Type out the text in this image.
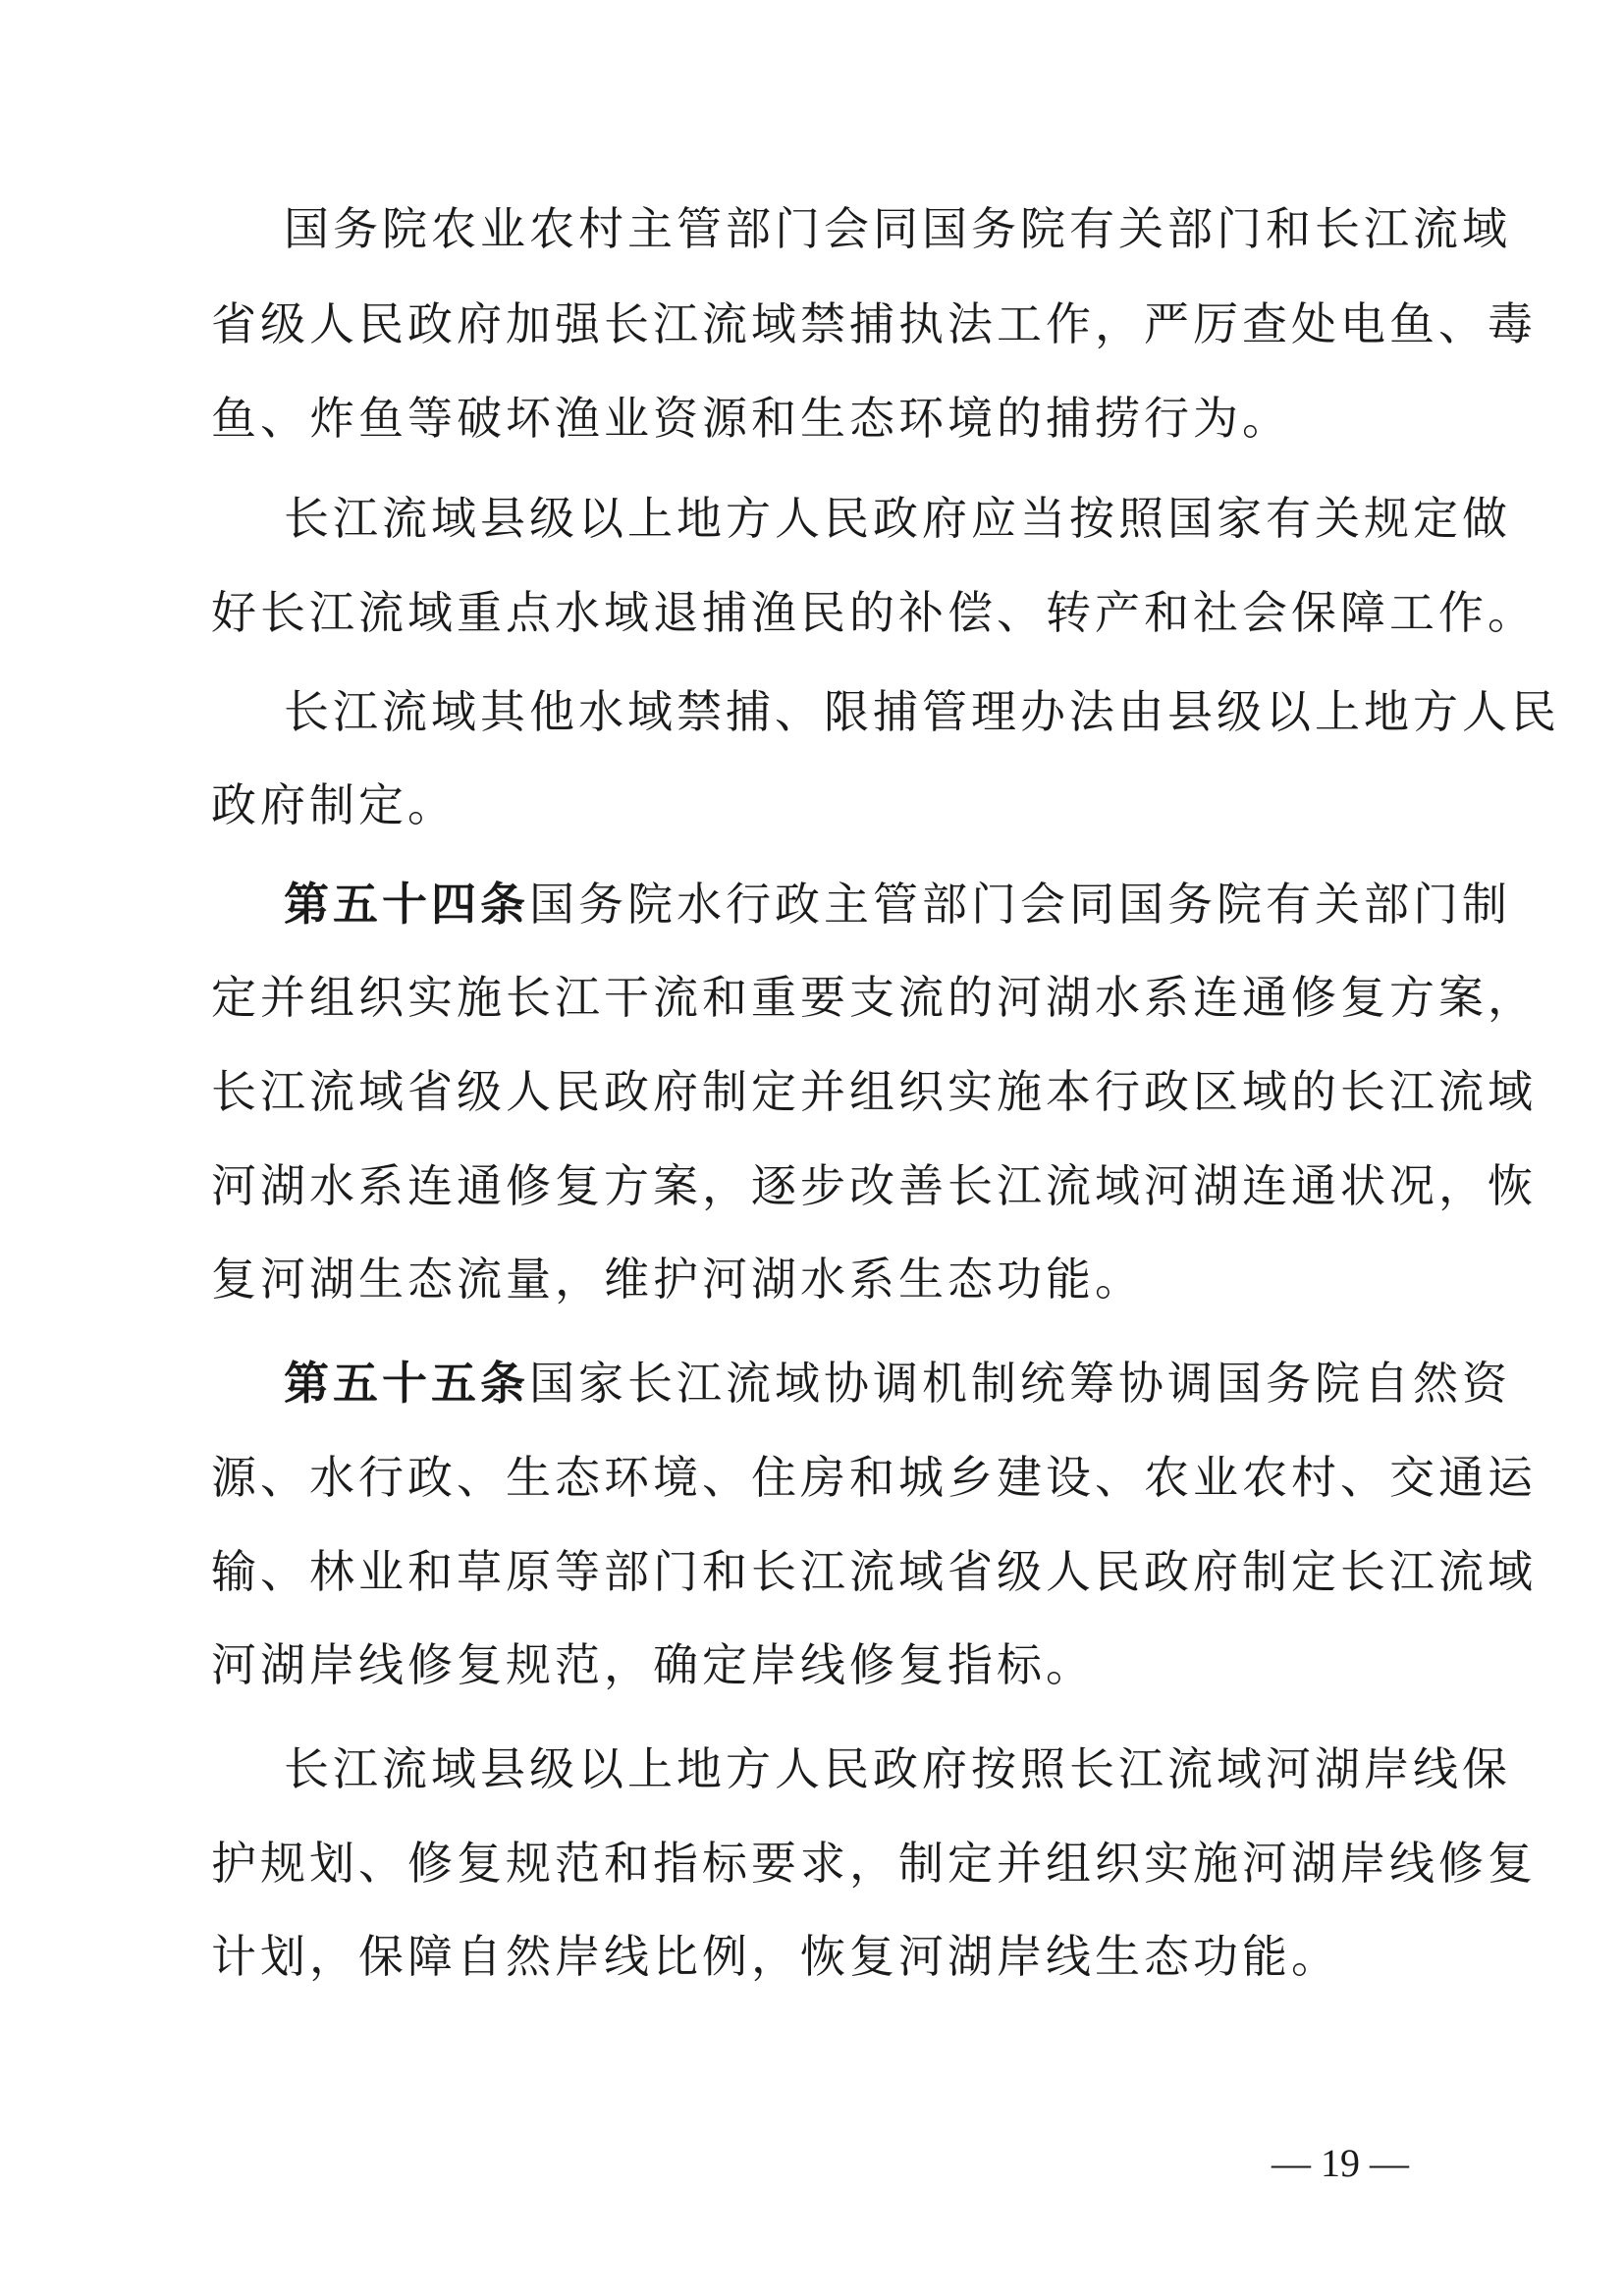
国务院农业农村主管部门会同国务院有关部门和长江流域
省级人民政府加强长江流域禁捕执法工作，严厉查处电鱼、毒
鱼、炸鱼等破坏渔业资源和生态环境的捕捞行为。
长江流域县级以上地方人民政府应当按照国家有关规定做
好长江流域重点水域退捕渔民的补偿、转产和社会保障工作。
长江流域其他水域禁捕、限捕管理办法由县级以上地方人民
政府制定。
第五十四条国务院水行政主管部门会同国务院有关部门制
定并组织实施长江干流和重要支流的河湖水系连通修复方案，
长江流域省级人民政府制定并组织实施本行政区域的长江流域
河湖水系连通修复方案，逐步改善长江流域河湖连通状况，恢
复河湖生态流量，维护河湖水系生态功能。
第五十五条国家长江流域协调机制统筹协调国务院自然资
源、水行政、生态环境、住房和城乡建设、农业农村、交通运
输、林业和草原等部门和长江流域省级人民政府制定长江流域
河湖岸线修复规范，确定岸线修复指标。
长江流域县级以上地方人民政府按照长江流域河湖岸线保
护规划、修复规范和指标要求，制定并组织实施河湖岸线修复
计划，保障自然岸线比例，恢复河湖岸线生态功能。
— 19 —
